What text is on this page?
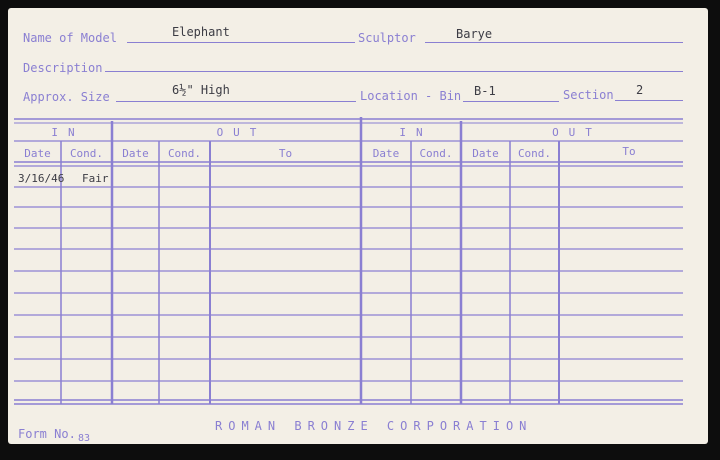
Name of Model	Elephant	Sculptor	Barye
Description
Approx. Size	6½" High	Location - Bin B-1	Section 2
IN	OUT	IN	OUT
Date	Cond.	Date	Cond.	To	Date	Cond.	Date	Cond.	To
3/16/46 Fair
Form No. 83
ROMAN BRONZE CORPORATION
